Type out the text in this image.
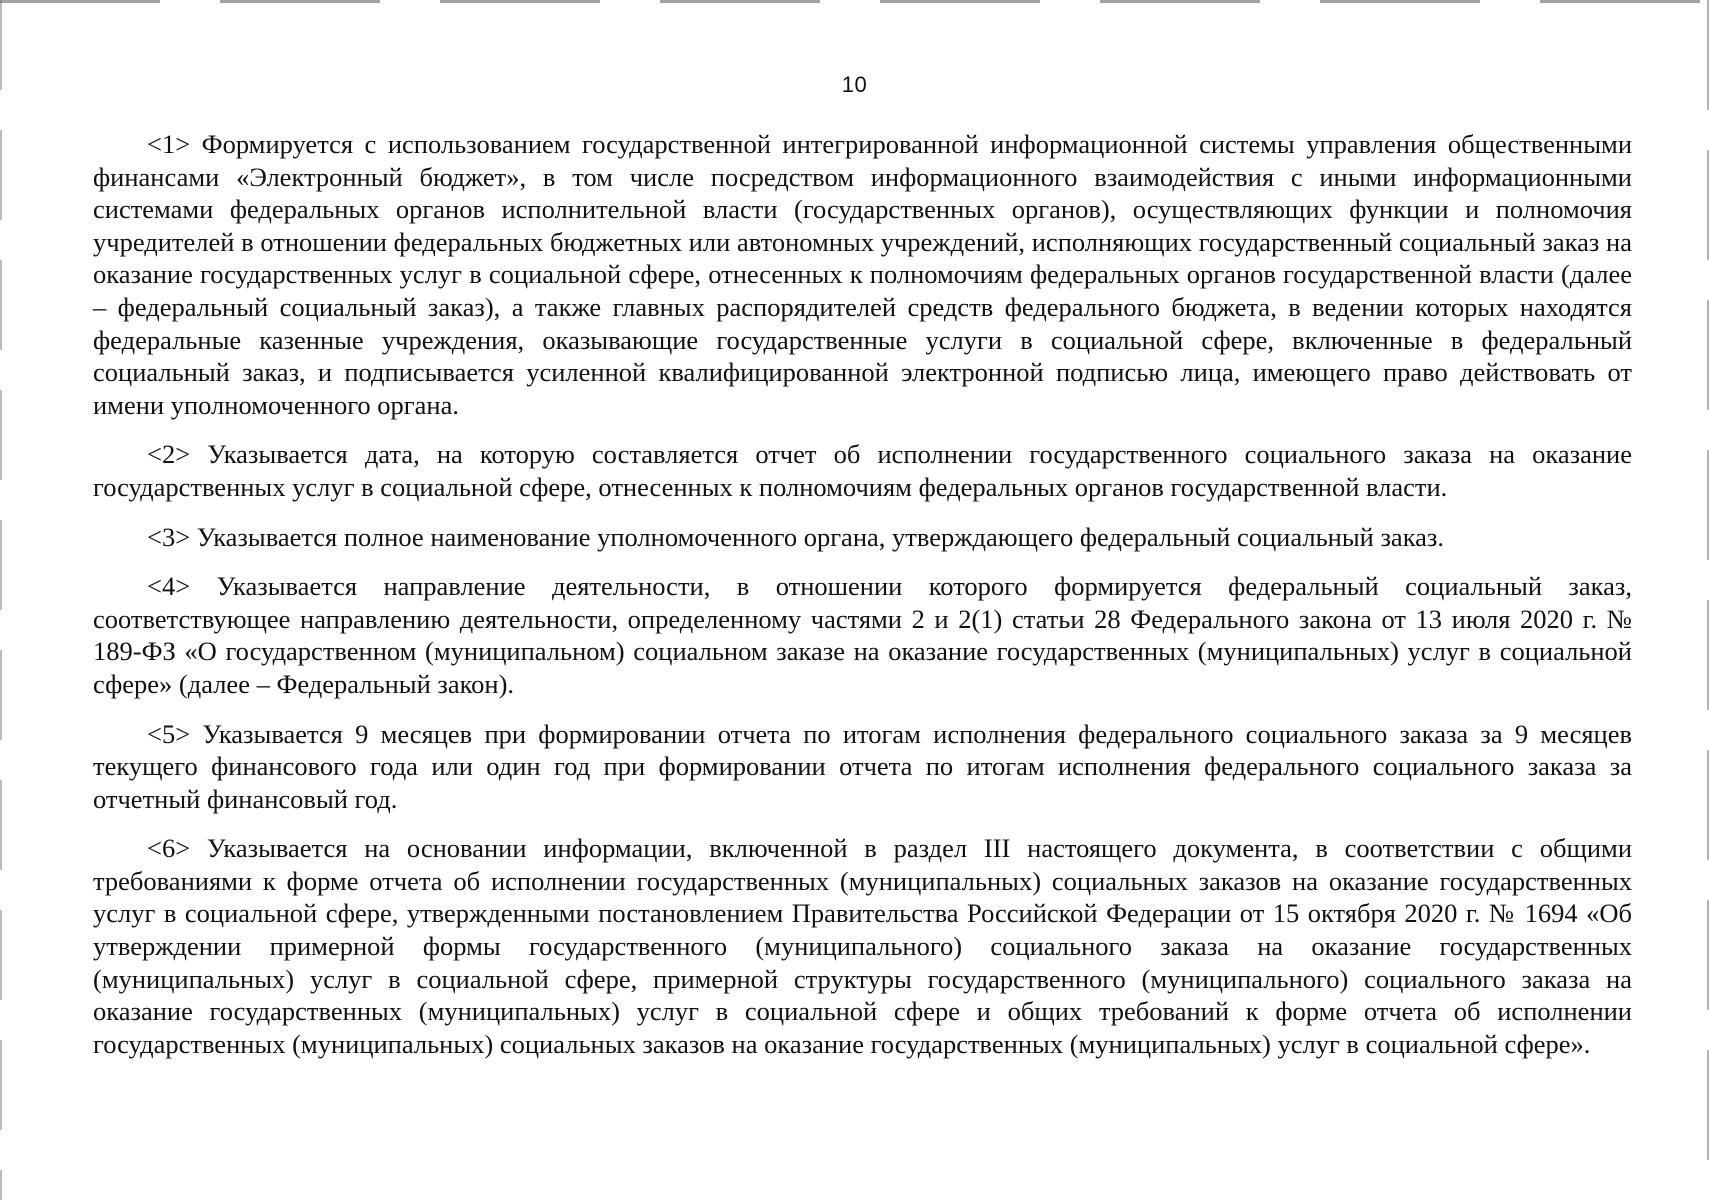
10

<1> Формируется с использованием государственной интегрированной информационной системы управления общественными финансами «Электронный бюджет», в том числе посредством информационного взаимодействия с иными информационными системами федеральных органов исполнительной власти (государственных органов), осуществляющих функции и полномочия учредителей в отношении федеральных бюджетных или автономных учреждений, исполняющих государственный социальный заказ на оказание государственных услуг в социальной сфере, отнесенных к полномочиям федеральных органов государственной власти (далее – федеральный социальный заказ), а также главных распорядителей средств федерального бюджета, в ведении которых находятся федеральные казенные учреждения, оказывающие государственные услуги в социальной сфере, включенные в федеральный социальный заказ, и подписывается усиленной квалифицированной электронной подписью лица, имеющего право действовать от имени уполномоченного органа.

<2> Указывается дата, на которую составляется отчет об исполнении государственного социального заказа на оказание государственных услуг в социальной сфере, отнесенных к полномочиям федеральных органов государственной власти.

<3> Указывается полное наименование уполномоченного органа, утверждающего федеральный социальный заказ.

<4> Указывается направление деятельности, в отношении которого формируется федеральный социальный заказ, соответствующее направлению деятельности, определенному частями 2 и 2(1) статьи 28 Федерального закона от 13 июля 2020 г. № 189-ФЗ «О государственном (муниципальном) социальном заказе на оказание государственных (муниципальных) услуг в социальной сфере» (далее – Федеральный закон).

<5> Указывается 9 месяцев при формировании отчета по итогам исполнения федерального социального заказа за 9 месяцев текущего финансового года или один год при формировании отчета по итогам исполнения федерального социального заказа за отчетный финансовый год.

<6> Указывается на основании информации, включенной в раздел III настоящего документа, в соответствии с общими требованиями к форме отчета об исполнении государственных (муниципальных) социальных заказов на оказание государственных услуг в социальной сфере, утвержденными постановлением Правительства Российской Федерации от 15 октября 2020 г. № 1694 «Об утверждении примерной формы государственного (муниципального) социального заказа на оказание государственных (муниципальных) услуг в социальной сфере, примерной структуры государственного (муниципального) социального заказа на оказание государственных (муниципальных) услуг в социальной сфере и общих требований к форме отчета об исполнении государственных (муниципальных) социальных заказов на оказание государственных (муниципальных) услуг в социальной сфере».
